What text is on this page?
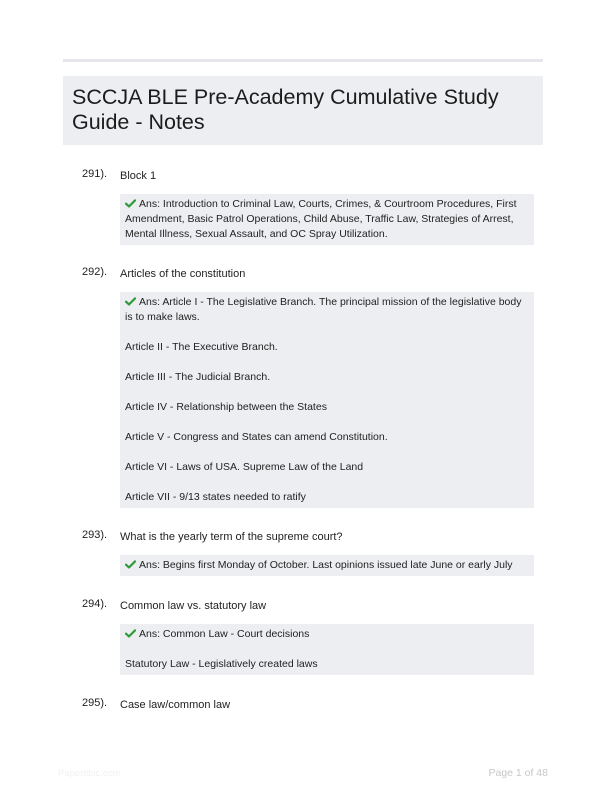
SCCJA BLE Pre-Academy Cumulative Study Guide - Notes
291). Block 1

Ans: Introduction to Criminal Law, Courts, Crimes, & Courtroom Procedures, First Amendment, Basic Patrol Operations, Child Abuse, Traffic Law, Strategies of Arrest, Mental Illness, Sexual Assault, and OC Spray Utilization.

292). Articles of the constitution

Ans: Article I - The Legislative Branch. The principal mission of the legislative body is to make laws.

Article II - The Executive Branch.

Article III - The Judicial Branch.

Article IV - Relationship between the States

Article V - Congress and States can amend Constitution.

Article VI - Laws of USA. Supreme Law of the Land

Article VII - 9/13 states needed to ratify

293). What is the yearly term of the supreme court?

Ans: Begins first Monday of October. Last opinions issued late June or early July

294). Common law vs. statutory law

Ans: Common Law - Court decisions

Statutory Law - Legislatively created laws

295). Case law/common law
Papertibic.com	Page 1 of 48
